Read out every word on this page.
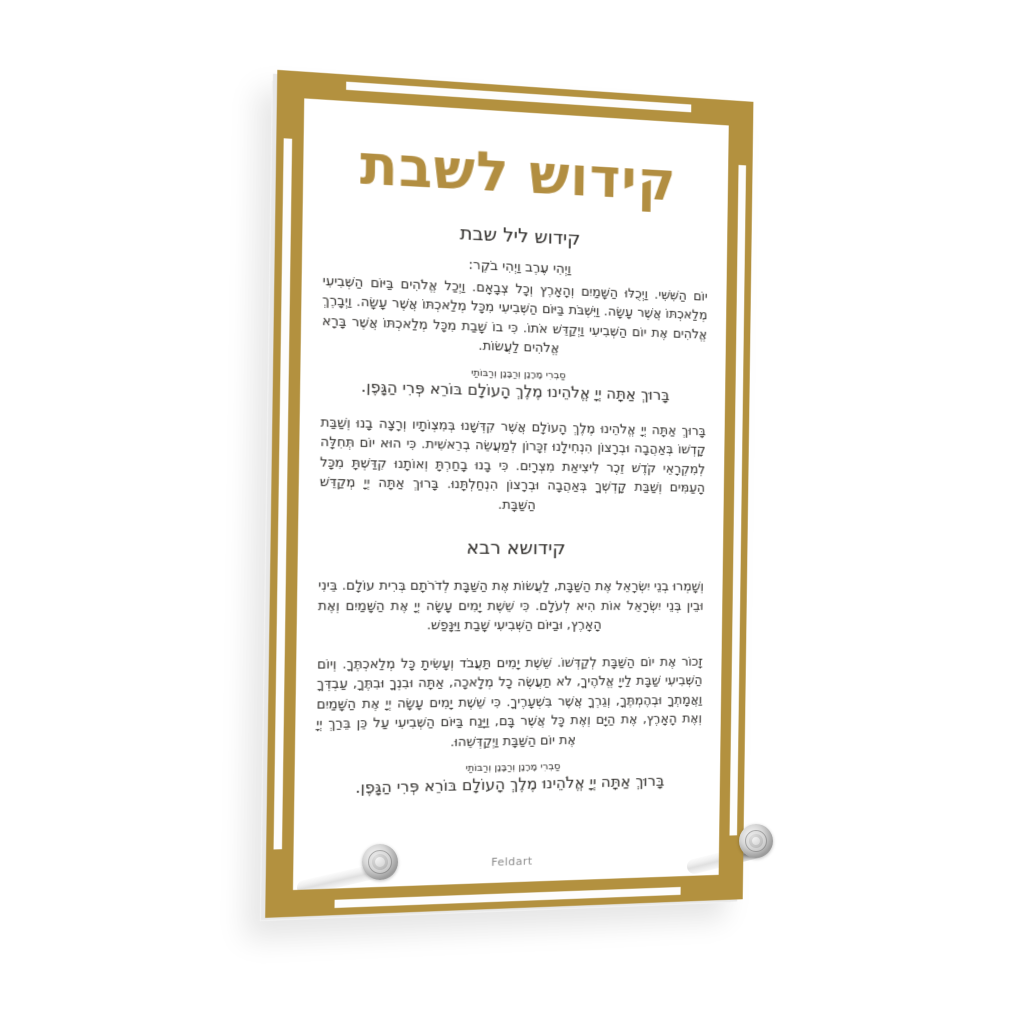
קידוש לשבת
קידוש ליל שבת

וַיְהִי עֶרֶב וַיְהִי בֹקֶר:

יוֹם הַשִּׁשִּׁי. וַיְכֻלּוּ הַשָּׁמַיִם וְהָאָרֶץ וְכָל צְבָאָם. וַיְכַל אֱלֹהִים בַּיּוֹם הַשְּׁבִיעִי מְלַאכְתּוֹ אֲשֶׁר עָשָׂה. וַיִּשְׁבֹּת בַּיּוֹם הַשְּׁבִיעִי מִכָּל מְלַאכְתּוֹ אֲשֶׁר עָשָׂה. וַיְבָרֶךְ אֱלֹהִים אֶת יוֹם הַשְּׁבִיעִי וַיְקַדֵּשׁ אֹתוֹ. כִּי בוֹ שָׁבַת מִכָּל מְלַאכְתּוֹ אֲשֶׁר בָּרָא אֱלֹהִים לַעֲשׂוֹת.

סַבְרִי מָרָנָן וְרַבָּנָן וְרַבּוֹתַי

בָּרוּךְ אַתָּה יְיָ אֱלֹהֵינוּ מֶלֶךְ הָעוֹלָם בּוֹרֵא פְּרִי הַגָּפֶן.

בָּרוּךְ אַתָּה יְיָ אֱלֹהֵינוּ מֶלֶךְ הָעוֹלָם אֲשֶׁר קִדְּשָׁנוּ בְּמִצְוֹתָיו וְרָצָה בָנוּ וְשַׁבַּת קָדְשׁוֹ בְּאַהֲבָה וּבְרָצוֹן הִנְחִילָנוּ זִכָּרוֹן לְמַעֲשֵׂה בְרֵאשִׁית. כִּי הוּא יוֹם תְּחִלָּה לְמִקְרָאֵי קֹדֶשׁ זֵכֶר לִיצִיאַת מִצְרָיִם. כִּי בָנוּ בָחַרְתָּ וְאוֹתָנוּ קִדַּשְׁתָּ מִכָּל הָעַמִּים וְשַׁבַּת קָדְשְׁךָ בְּאַהֲבָה וּבְרָצוֹן הִנְחַלְתָּנוּ. בָּרוּךְ אַתָּה יְיָ מְקַדֵּשׁ הַשַּׁבָּת.

קידושא רבא

וְשָׁמְרוּ בְנֵי יִשְׂרָאֵל אֶת הַשַּׁבָּת, לַעֲשׂוֹת אֶת הַשַּׁבָּת לְדֹרֹתָם בְּרִית עוֹלָם. בֵּינִי וּבֵין בְּנֵי יִשְׂרָאֵל אוֹת הִיא לְעֹלָם. כִּי שֵׁשֶׁת יָמִים עָשָׂה יְיָ אֶת הַשָּׁמַיִם וְאֶת הָאָרֶץ, וּבַיּוֹם הַשְּׁבִיעִי שָׁבַת וַיִּנָּפַשׁ.

זָכוֹר אֶת יוֹם הַשַּׁבָּת לְקַדְּשׁוֹ. שֵׁשֶׁת יָמִים תַּעֲבֹד וְעָשִׂיתָ כָּל מְלַאכְתֶּךָ. וְיוֹם הַשְּׁבִיעִי שַׁבָּת לַייָ אֱלֹהֶיךָ, לֹא תַעֲשֶׂה כָל מְלָאכָה, אַתָּה וּבִנְךָ וּבִתֶּךָ, עַבְדְּךָ וַאֲמָתְךָ וּבְהֶמְתֶּךָ, וְגֵרְךָ אֲשֶׁר בִּשְׁעָרֶיךָ. כִּי שֵׁשֶׁת יָמִים עָשָׂה יְיָ אֶת הַשָּׁמַיִם וְאֶת הָאָרֶץ, אֶת הַיָּם וְאֶת כָּל אֲשֶׁר בָּם, וַיָּנַח בַּיּוֹם הַשְּׁבִיעִי עַל כֵּן בֵּרַךְ יְיָ אֶת יוֹם הַשַּׁבָּת וַיְקַדְּשֵׁהוּ.

סַבְרִי מָרָנָן וְרַבָּנָן וְרַבּוֹתַי

בָּרוּךְ אַתָּה יְיָ אֱלֹהֵינוּ מֶלֶךְ הָעוֹלָם בּוֹרֵא פְּרִי הַגָּפֶן.

Feldart
